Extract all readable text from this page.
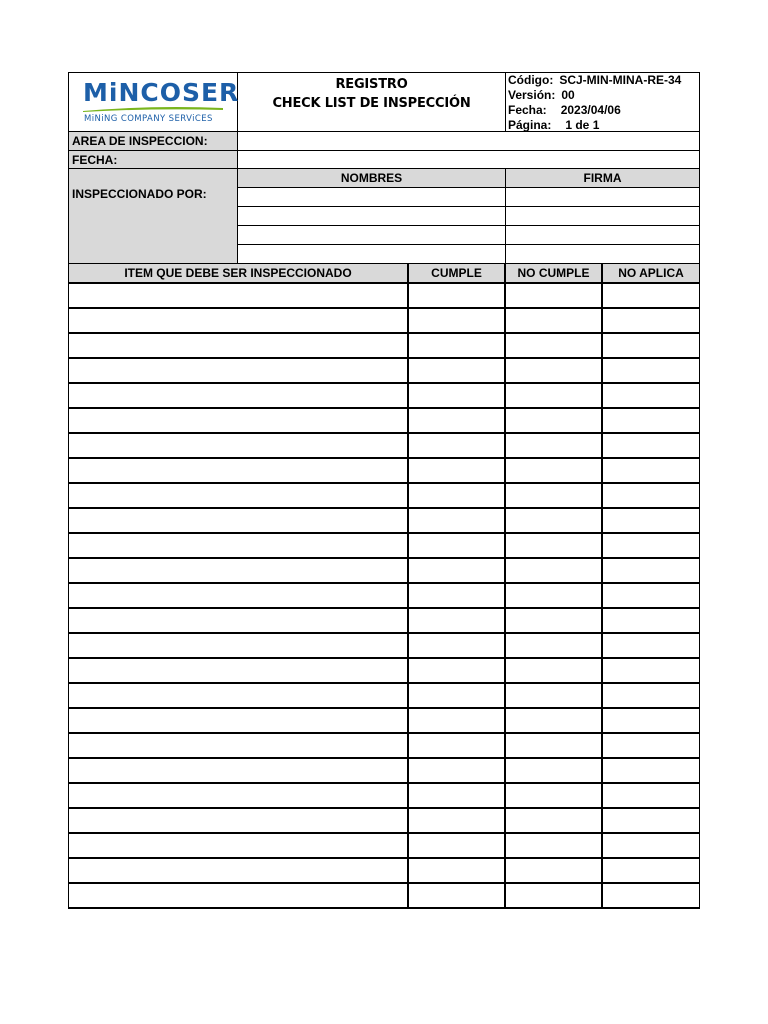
MiNCOSER
MiNiNG COMPANY SERViCES
REGISTRO
CHECK LIST DE INSPECCIÓN
Código: SCJ-MIN-MINA-RE-34
Versión: 00
Fecha: 2023/04/06
Página: 1 de 1
AREA DE INSPECCION:
FECHA:
INSPECCIONADO POR:
NOMBRES	FIRMA
ITEM QUE DEBE SER INSPECCIONADO	CUMPLE	NO CUMPLE	NO APLICA
